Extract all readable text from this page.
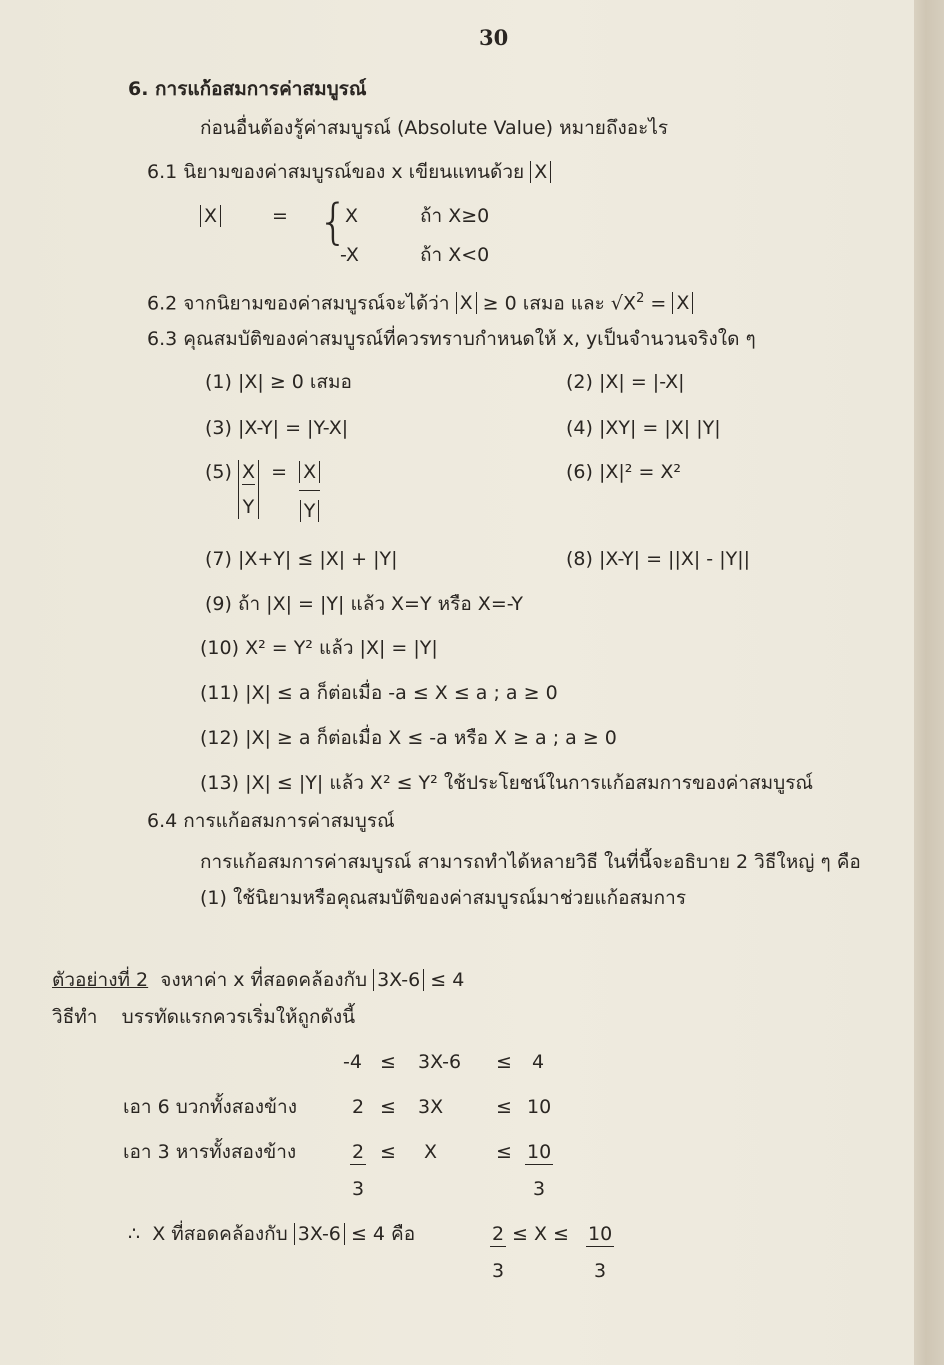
30
6. การแก้อสมการค่าสมบูรณ์
ก่อนอื่นต้องรู้ค่าสมบูรณ์ (Absolute Value) หมายถึงอะไร
6.1 นิยามของค่าสมบูรณ์ของ x เขียนแทนด้วย X
X	= {
X	ถ้า X≥0
-X	ถ้า X<0
6.2 จากนิยามของค่าสมบูรณ์จะได้ว่า X ≥ 0 เสมอ และ $√X^2 = X$
6.3 คุณสมบัติของค่าสมบูรณ์ที่ควรทราบกำหนดให้ x, yเป็นจำนวนจริงใด ๆ
(1) |X| ≥ 0 เสมอ	(2) |X| = |-X|
(3) |X-Y| = |Y-X|	(4) |XY| = |X| |Y|
$(5) \frac{X}{Y} = \frac{X}{Y}$	(6) |X|² = X²
(7) |X+Y| ≤ |X| + |Y|	(8) |X-Y| = ||X| - |Y||
(9) ถ้า |X| = |Y| แล้ว X=Y หรือ X=-Y
(10) X² = Y² แล้ว |X| = |Y|
(11) |X| ≤ a ก็ต่อเมื่อ -a ≤ X ≤ a ; a ≥ 0
(12) |X| ≥ a ก็ต่อเมื่อ X ≤ -a หรือ X ≥ a ; a ≥ 0
(13) |X| ≤ |Y| แล้ว X² ≤ Y² ใช้ประโยชน์ในการแก้อสมการของค่าสมบูรณ์
6.4 การแก้อสมการค่าสมบูรณ์
การแก้อสมการค่าสมบูรณ์ สามารถทำได้หลายวิธี ในที่นี้จะอธิบาย 2 วิธีใหญ่ ๆ คือ
(1) ใช้นิยามหรือคุณสมบัติของค่าสมบูรณ์มาช่วยแก้อสมการ
ตัวอย่างที่ 2 จงหาค่า x ที่สอดคล้องกับ 3X-6 ≤ 4
วิธีทำ บรรทัดแรกควรเริ่มให้ถูกดังนี้
-4 ≤ 3X-6 ≤ 4
เอา 6 บวกทั้งสองข้าง	2 ≤ 3X	≤ 10
เอา 3 หารทั้งสองข้าง	$\frac{2}{3} \le X$	≤ $\frac{10}{3}$
∴ X ที่สอดคล้องกับ 3X-6 ≤ 4 คือ	$\frac{2}{3} \le X \le \frac{10}{3}$
